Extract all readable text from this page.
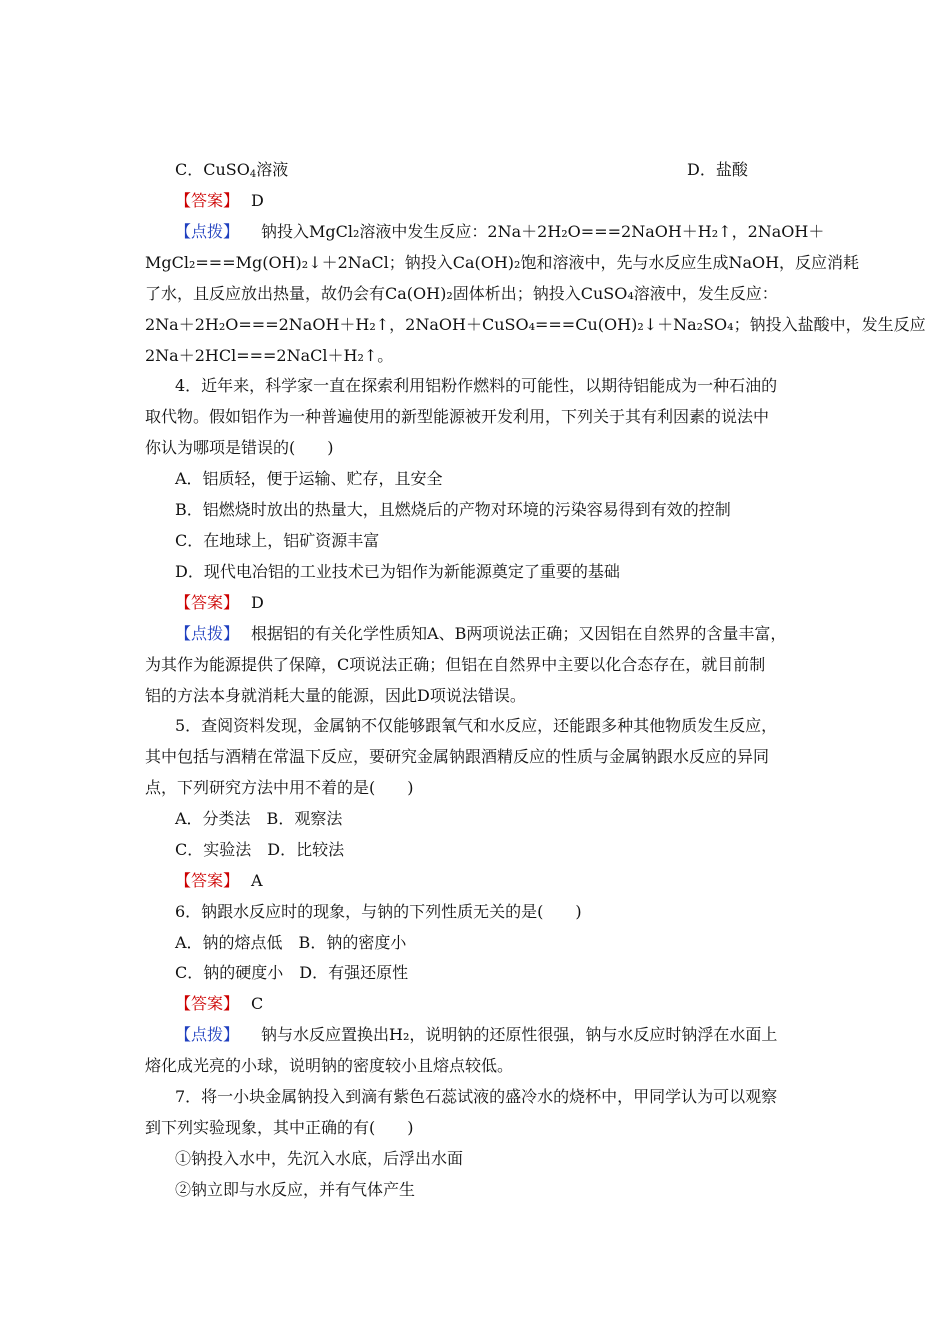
C．CuSO$_4$溶液	D．盐酸
【答案】 D
【点拨】 钠投入MgCl₂溶液中发生反应：2Na＋2H₂O===2NaOH＋H₂↑，2NaOH＋
MgCl₂===Mg(OH)₂↓＋2NaCl；钠投入Ca(OH)₂饱和溶液中，先与水反应生成NaOH，反应消耗
了水，且反应放出热量，故仍会有Ca(OH)₂固体析出；钠投入CuSO₄溶液中，发生反应：
2Na＋2H₂O===2NaOH＋H₂↑，2NaOH＋CuSO₄===Cu(OH)₂↓＋Na₂SO₄；钠投入盐酸中，发生反应
2Na＋2HCl===2NaCl＋H₂↑。
4．近年来，科学家一直在探索利用铝粉作燃料的可能性，以期待铝能成为一种石油的
取代物。假如铝作为一种普遍使用的新型能源被开发利用，下列关于其有利因素的说法中
你认为哪项是错误的(　　)
A．铝质轻，便于运输、贮存，且安全
B．铝燃烧时放出的热量大，且燃烧后的产物对环境的污染容易得到有效的控制
C．在地球上，铝矿资源丰富
D．现代电冶铝的工业技术已为铝作为新能源奠定了重要的基础
【答案】 D
【点拨】 根据铝的有关化学性质知A、B两项说法正确；又因铝在自然界的含量丰富，
为其作为能源提供了保障，C项说法正确；但铝在自然界中主要以化合态存在，就目前制
铝的方法本身就消耗大量的能源，因此D项说法错误。
5．查阅资料发现，金属钠不仅能够跟氧气和水反应，还能跟多种其他物质发生反应，
其中包括与酒精在常温下反应，要研究金属钠跟酒精反应的性质与金属钠跟水反应的异同
点，下列研究方法中用不着的是(　　)
A．分类法　B．观察法
C．实验法　D．比较法
【答案】 A
6．钠跟水反应时的现象，与钠的下列性质无关的是(　　)
A．钠的熔点低　B．钠的密度小
C．钠的硬度小　D．有强还原性
【答案】 C
【点拨】 钠与水反应置换出H₂，说明钠的还原性很强，钠与水反应时钠浮在水面上
熔化成光亮的小球，说明钠的密度较小且熔点较低。
7．将一小块金属钠投入到滴有紫色石蕊试液的盛冷水的烧杯中，甲同学认为可以观察
到下列实验现象，其中正确的有(　　)
①钠投入水中，先沉入水底，后浮出水面
②钠立即与水反应，并有气体产生
